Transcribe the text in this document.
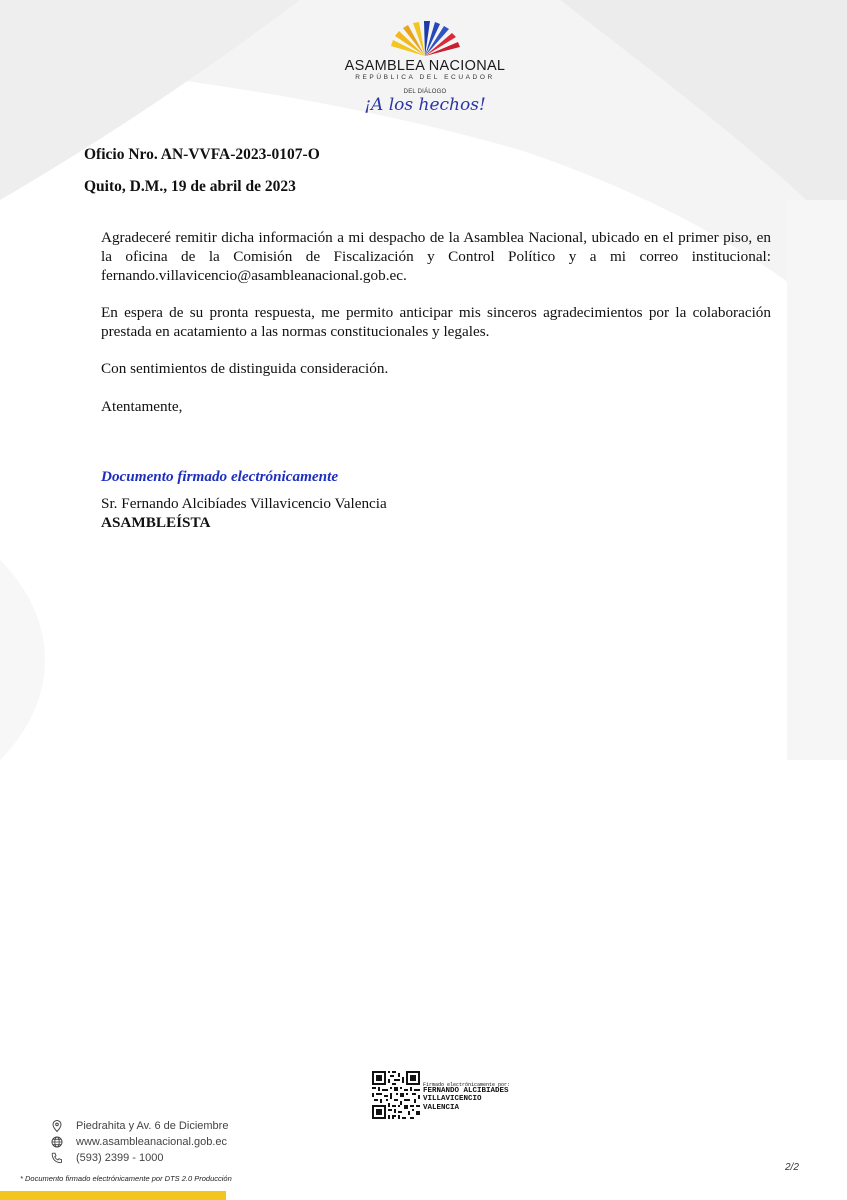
ASAMBLEA NACIONAL
REPÚBLICA DEL ECUADOR
DEL DIÁLOGO
¡A los hechos!
Oficio Nro. AN-VVFA-2023-0107-O
Quito, D.M., 19 de abril de 2023
Agradeceré remitir dicha información a mi despacho de la Asamblea Nacional, ubicado en el primer piso, en la oficina de la Comisión de Fiscalización y Control Político y a mi correo institucional: fernando.villavicencio@asambleanacional.gob.ec.
En espera de su pronta respuesta, me permito anticipar mis sinceros agradecimientos por la colaboración prestada en acatamiento a las normas constitucionales y legales.
Con sentimientos de distinguida consideración.
Atentamente,
Documento firmado electrónicamente
Sr. Fernando Alcibíades Villavicencio Valencia
ASAMBLEÍSTA
Firmado electrónicamente por:
FERNANDO ALCIBIADES
VILLAVICENCIO
VALENCIA
Piedrahita y Av. 6 de Diciembre
www.asambleanacional.gob.ec
(593) 2399 - 1000
* Documento firmado electrónicamente por DTS 2.0 Producción
2/2
